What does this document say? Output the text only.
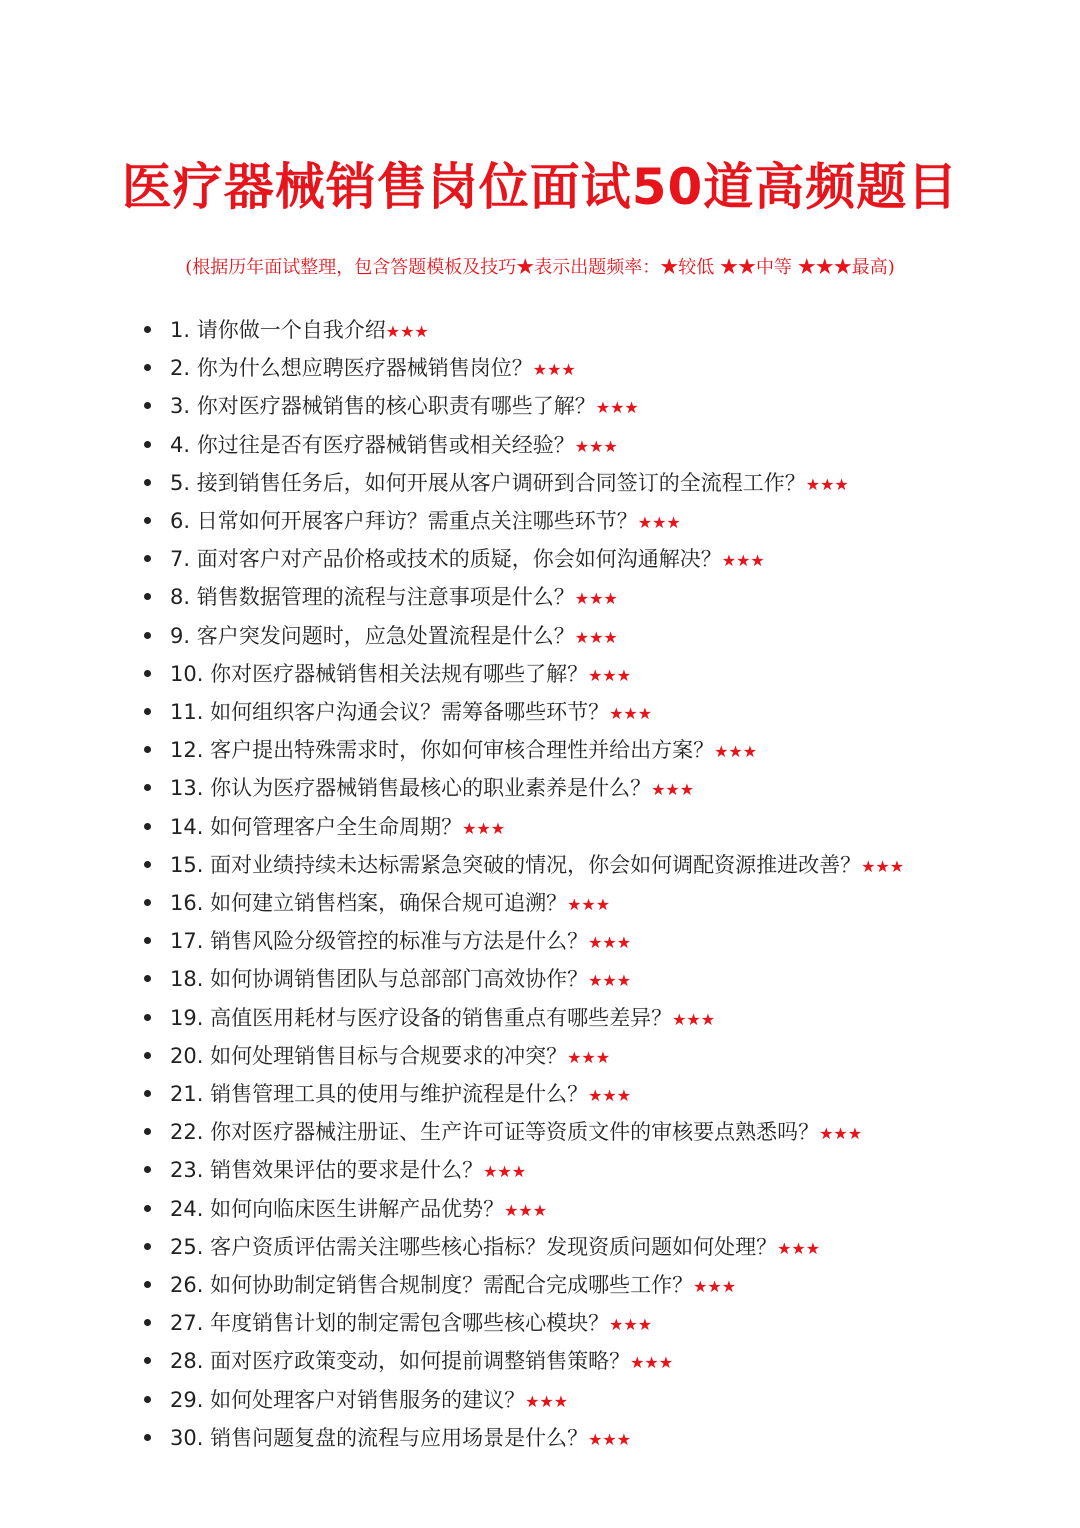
医疗器械销售岗位面试50道高频题目

(根据历年面试整理，包含答题模板及技巧★表示出题频率：★较低 ★★中等 ★★★最高)

1. 请你做一个自我介绍★★★
2. 你为什么想应聘医疗器械销售岗位？★★★
3. 你对医疗器械销售的核心职责有哪些了解？★★★
4. 你过往是否有医疗器械销售或相关经验？★★★
5. 接到销售任务后，如何开展从客户调研到合同签订的全流程工作？★★★
6. 日常如何开展客户拜访？需重点关注哪些环节？★★★
7. 面对客户对产品价格或技术的质疑，你会如何沟通解决？★★★
8. 销售数据管理的流程与注意事项是什么？★★★
9. 客户突发问题时，应急处置流程是什么？★★★
10. 你对医疗器械销售相关法规有哪些了解？★★★
11. 如何组织客户沟通会议？需筹备哪些环节？★★★
12. 客户提出特殊需求时，你如何审核合理性并给出方案？★★★
13. 你认为医疗器械销售最核心的职业素养是什么？★★★
14. 如何管理客户全生命周期？★★★
15. 面对业绩持续未达标需紧急突破的情况，你会如何调配资源推进改善？★★★
16. 如何建立销售档案，确保合规可追溯？★★★
17. 销售风险分级管控的标准与方法是什么？★★★
18. 如何协调销售团队与总部部门高效协作？★★★
19. 高值医用耗材与医疗设备的销售重点有哪些差异？★★★
20. 如何处理销售目标与合规要求的冲突？★★★
21. 销售管理工具的使用与维护流程是什么？★★★
22. 你对医疗器械注册证、生产许可证等资质文件的审核要点熟悉吗？★★★
23. 销售效果评估的要求是什么？★★★
24. 如何向临床医生讲解产品优势？★★★
25. 客户资质评估需关注哪些核心指标？发现资质问题如何处理？★★★
26. 如何协助制定销售合规制度？需配合完成哪些工作？★★★
27. 年度销售计划的制定需包含哪些核心模块？★★★
28. 面对医疗政策变动，如何提前调整销售策略？★★★
29. 如何处理客户对销售服务的建议？★★★
30. 销售问题复盘的流程与应用场景是什么？★★★
